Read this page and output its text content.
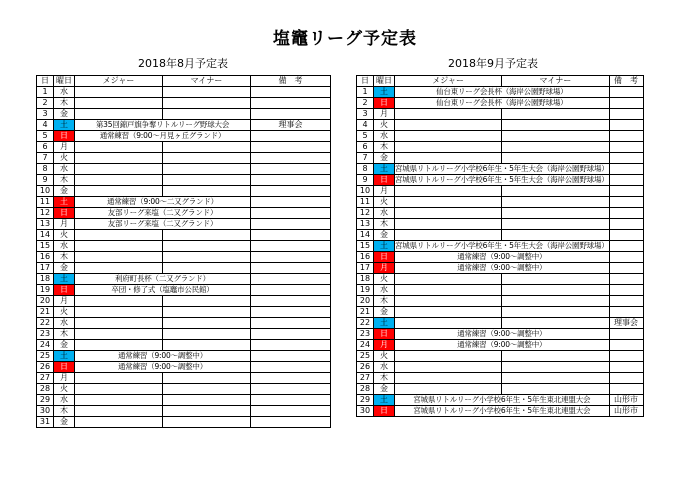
塩竈リーグ予定表
2018年8月予定表	2018年9月予定表
日	曜日	メジャー	マイナー	備　考
1	水			
2	木			
3	金			
4	土	第35回錦戸旗争奪リトルリーグ野球大会		理事会
5	日	通常練習（9:00～月見ヶ丘グランド）		
6	月			
7	火			
8	水			
9	木			
10	金			
11	土	通常練習（9:00～二又グランド）		
12	日	友部リーグ来塩（二又グランド）		
13	月	友部リーグ来塩（二又グランド）		
14	火			
15	水			
16	木			
17	金			
18	土	利府町長杯（二又グランド）		
19	日	卒団・修了式（塩竈市公民館）		
20	月			
21	火			
22	水			
23	木			
24	金			
25	土	通常練習（9:00～調整中）		
26	日	通常練習（9:00～調整中）		
27	月			
28	火			
29	水			
30	木			
31	金			
日	曜日	メジャー	マイナー	備　考
1	土	仙台東リーグ会長杯（海岸公園野球場）		
2	日	仙台東リーグ会長杯（海岸公園野球場）		
3	月			
4	火			
5	水			
6	木			
7	金			
8	土	宮城県リトルリーグ小学校6年生・5年生大会（海岸公園野球場）		
9	日	宮城県リトルリーグ小学校6年生・5年生大会（海岸公園野球場）		
10	月			
11	火			
12	水			
13	木			
14	金			
15	土	宮城県リトルリーグ小学校6年生・5年生大会（海岸公園野球場）		
16	日	通常練習（9:00～調整中）		
17	月	通常練習（9:00～調整中）		
18	火			
19	水			
20	木			
21	金			
22	土			理事会
23	日	通常練習（9:00～調整中）		
24	月	通常練習（9:00～調整中）		
25	火			
26	水			
27	木			
28	金			
29	土	宮城県リトルリーグ小学校6年生・5年生東北連盟大会		山形市
30	日	宮城県リトルリーグ小学校6年生・5年生東北連盟大会		山形市
